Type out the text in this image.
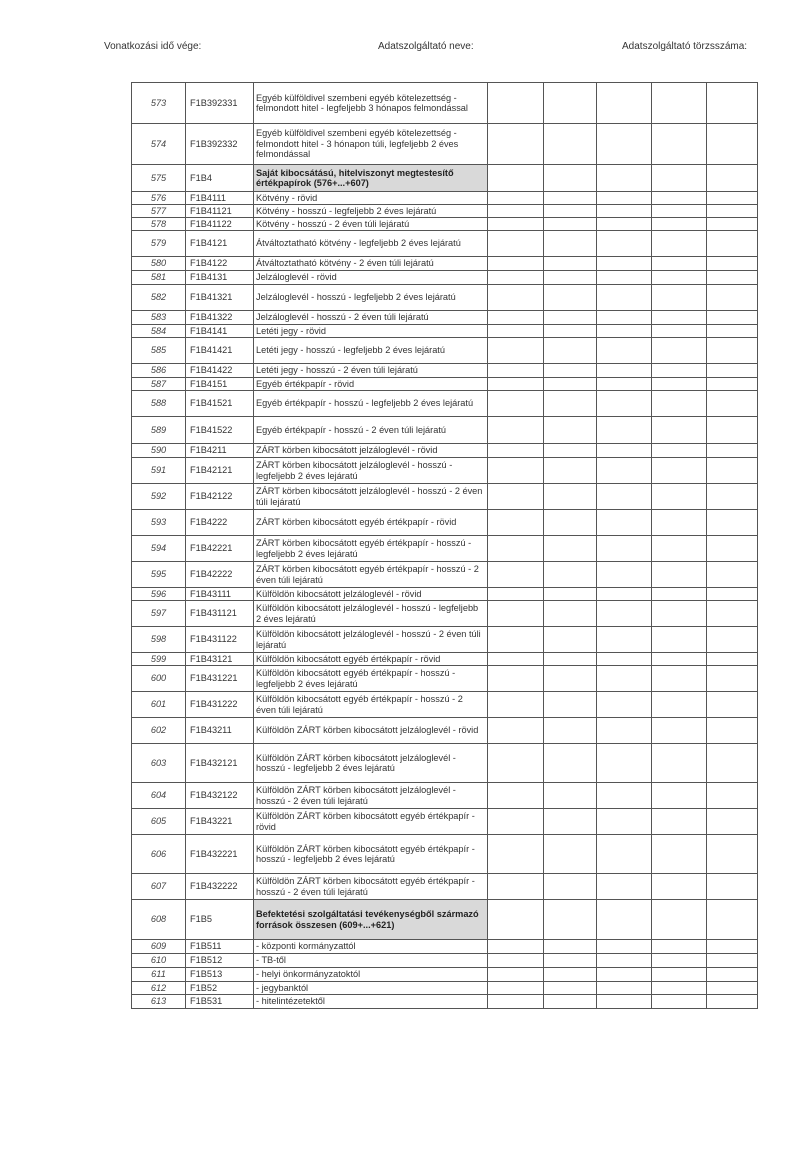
Vonatkozási idő vége:	Adatszolgáltató neve:	Adatszolgáltató törzsszáma:
573	F1B392331	Egyéb külföldivel szembeni egyéb kötelezettség - felmondott hitel - legfeljebb 3 hónapos felmondással					
574	F1B392332	Egyéb külföldivel szembeni egyéb kötelezettség - felmondott hitel - 3 hónapon túli, legfeljebb 2 éves felmondással					
575	F1B4	Saját kibocsátású, hitelviszonyt megtestesítő értékpapírok (576+...+607)					
576	F1B4111	Kötvény - rövid					
577	F1B41121	Kötvény - hosszú - legfeljebb 2 éves lejáratú					
578	F1B41122	Kötvény - hosszú - 2 éven túli lejáratú					
579	F1B4121	Átváltoztatható kötvény - legfeljebb 2 éves lejáratú					
580	F1B4122	Átváltoztatható kötvény - 2 éven túli lejáratú					
581	F1B4131	Jelzáloglevél - rövid					
582	F1B41321	Jelzáloglevél - hosszú - legfeljebb 2 éves lejáratú					
583	F1B41322	Jelzáloglevél - hosszú - 2 éven túli lejáratú					
584	F1B4141	Letéti jegy - rövid					
585	F1B41421	Letéti jegy - hosszú - legfeljebb 2 éves lejáratú					
586	F1B41422	Letéti jegy - hosszú - 2 éven túli lejáratú					
587	F1B4151	Egyéb értékpapír - rövid					
588	F1B41521	Egyéb értékpapír - hosszú - legfeljebb 2 éves lejáratú					
589	F1B41522	Egyéb értékpapír - hosszú - 2 éven túli lejáratú					
590	F1B4211	ZÁRT körben kibocsátott jelzáloglevél - rövid					
591	F1B42121	ZÁRT körben kibocsátott jelzáloglevél - hosszú - legfeljebb 2 éves lejáratú					
592	F1B42122	ZÁRT körben kibocsátott jelzáloglevél - hosszú - 2 éven túli lejáratú					
593	F1B4222	ZÁRT körben kibocsátott egyéb értékpapír - rövid					
594	F1B42221	ZÁRT körben kibocsátott egyéb értékpapír - hosszú - legfeljebb 2 éves lejáratú					
595	F1B42222	ZÁRT körben kibocsátott egyéb értékpapír - hosszú - 2 éven túli lejáratú					
596	F1B43111	Külföldön kibocsátott jelzáloglevél - rövid					
597	F1B431121	Külföldön kibocsátott jelzáloglevél - hosszú - legfeljebb 2 éves lejáratú					
598	F1B431122	Külföldön kibocsátott jelzáloglevél - hosszú - 2 éven túli lejáratú					
599	F1B43121	Külföldön kibocsátott egyéb értékpapír - rövid					
600	F1B431221	Külföldön kibocsátott egyéb értékpapír - hosszú - legfeljebb 2 éves lejáratú					
601	F1B431222	Külföldön kibocsátott egyéb értékpapír - hosszú - 2 éven túli lejáratú					
602	F1B43211	Külföldön ZÁRT körben kibocsátott jelzáloglevél - rövid					
603	F1B432121	Külföldön ZÁRT körben kibocsátott jelzáloglevél - hosszú - legfeljebb 2 éves lejáratú					
604	F1B432122	Külföldön ZÁRT körben kibocsátott jelzáloglevél - hosszú - 2 éven túli lejáratú					
605	F1B43221	Külföldön ZÁRT körben kibocsátott egyéb értékpapír - rövid					
606	F1B432221	Külföldön ZÁRT körben kibocsátott egyéb értékpapír - hosszú - legfeljebb 2 éves lejáratú					
607	F1B432222	Külföldön ZÁRT körben kibocsátott egyéb értékpapír - hosszú - 2 éven túli lejáratú					
608	F1B5	Befektetési szolgáltatási tevékenységből származó források összesen (609+...+621)					
609	F1B511	- központi kormányzattól					
610	F1B512	- TB-től					
611	F1B513	- helyi önkormányzatoktól					
612	F1B52	- jegybanktól					
613	F1B531	- hitelintézetektől					
